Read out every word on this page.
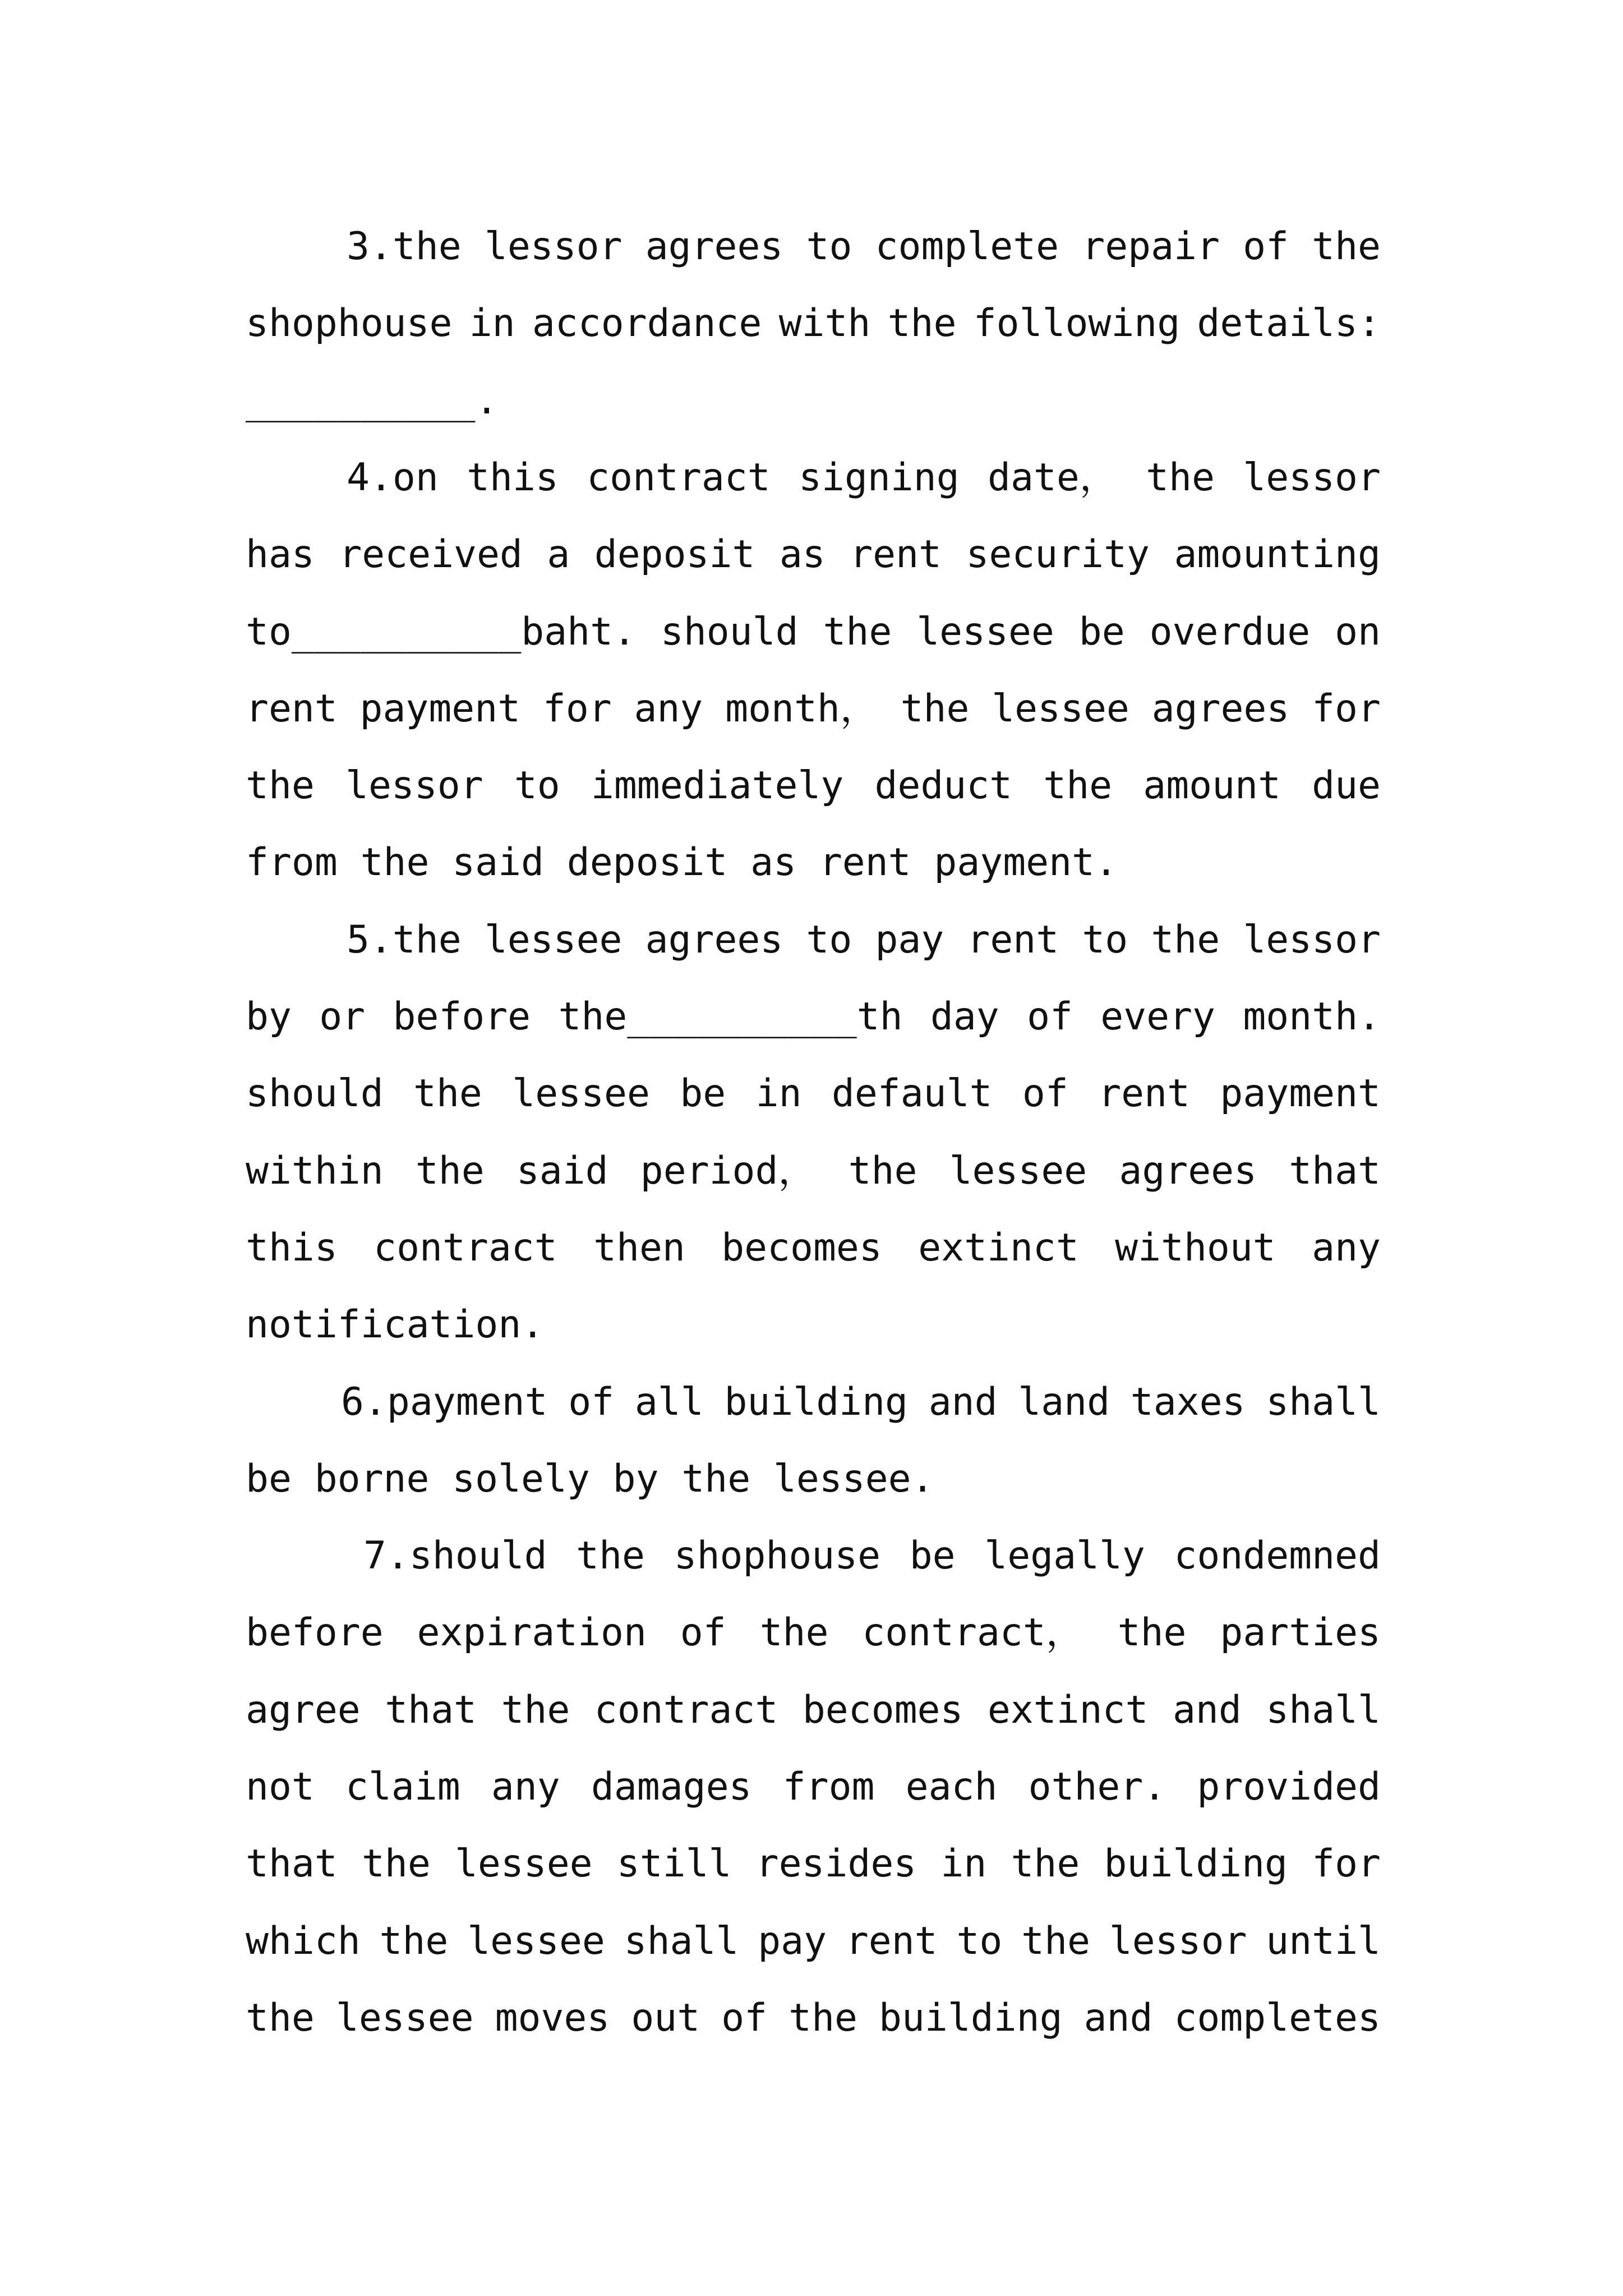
3.the lessor agrees to complete repair of the
shophouse in accordance with the following details:
__________.
4.on this contract signing date， the lessor
has received a deposit as rent security amounting
to__________baht. should the lessee be overdue on
rent payment for any month， the lessee agrees for
the lessor to immediately deduct the amount due
from the said deposit as rent payment.
5.the lessee agrees to pay rent to the lessor
by or before the__________th day of every month.
should the lessee be in default of rent payment
within the said period， the lessee agrees that
this contract then becomes extinct without any
notification.
6.payment of all building and land taxes shall
be borne solely by the lessee.
7.should the shophouse be legally condemned
before expiration of the contract， the parties
agree that the contract becomes extinct and shall
not claim any damages from each other. provided
that the lessee still resides in the building for
which the lessee shall pay rent to the lessor until
the lessee moves out of the building and completes
